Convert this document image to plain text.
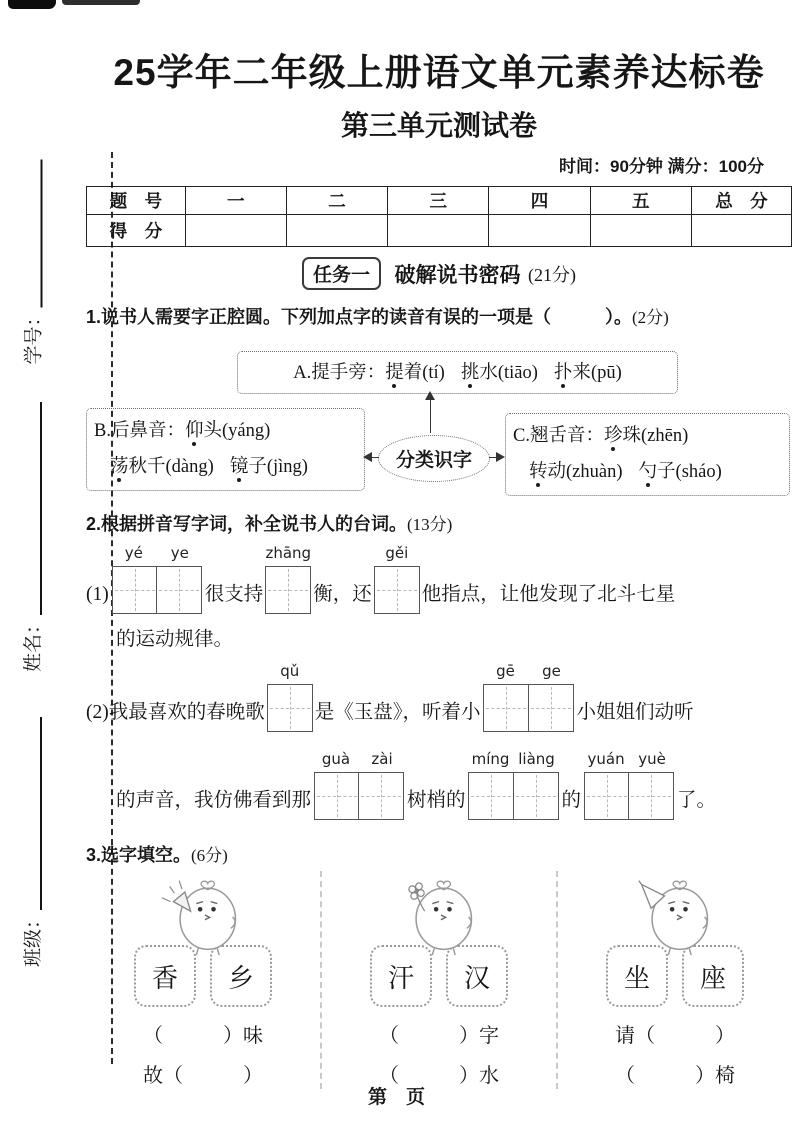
学号：
姓名：
班级：
25学年二年级上册语文单元素养达标卷
第三单元测试卷
时间：90分钟 满分：100分
题　号	一	二	三	四	五	总　分
得　分						
任务一 破解说书密码 (21分)
1.说书人需要字正腔圆。下列加点字的读音有误的一项是（　　　）。(2分)
A.提手旁：提着(tí) 挑水(tiāo) 扑来(pū)
B.后鼻音：仰头(yáng)
荡秋千(dàng) 镜子(jìng)
C.翘舌音：珍珠(zhēn)
转动(zhuàn) 勺子(sháo)
分类识字
2.根据拼音写字词，补全说书人的台词。(13分)
(1)
yé	ye
很支持
zhāng
衡，还
gěi
他指点，让他发现了北斗七星
的运动规律。
(2) 我最喜欢的春晚歌
qǔ
是《玉盘》，听着小
gē	ge
小姐姐们动听
的声音，我仿佛看到那
guà	zài
树梢的
míng liàng
的
yuán yuè
了。
3.选字填空。(6分)
香	乡
（　　　）味
故（　　　）
汗	汉
（　　　）字
（　　　）水
坐	座
请（　　　）
（　　　）椅
第　页
